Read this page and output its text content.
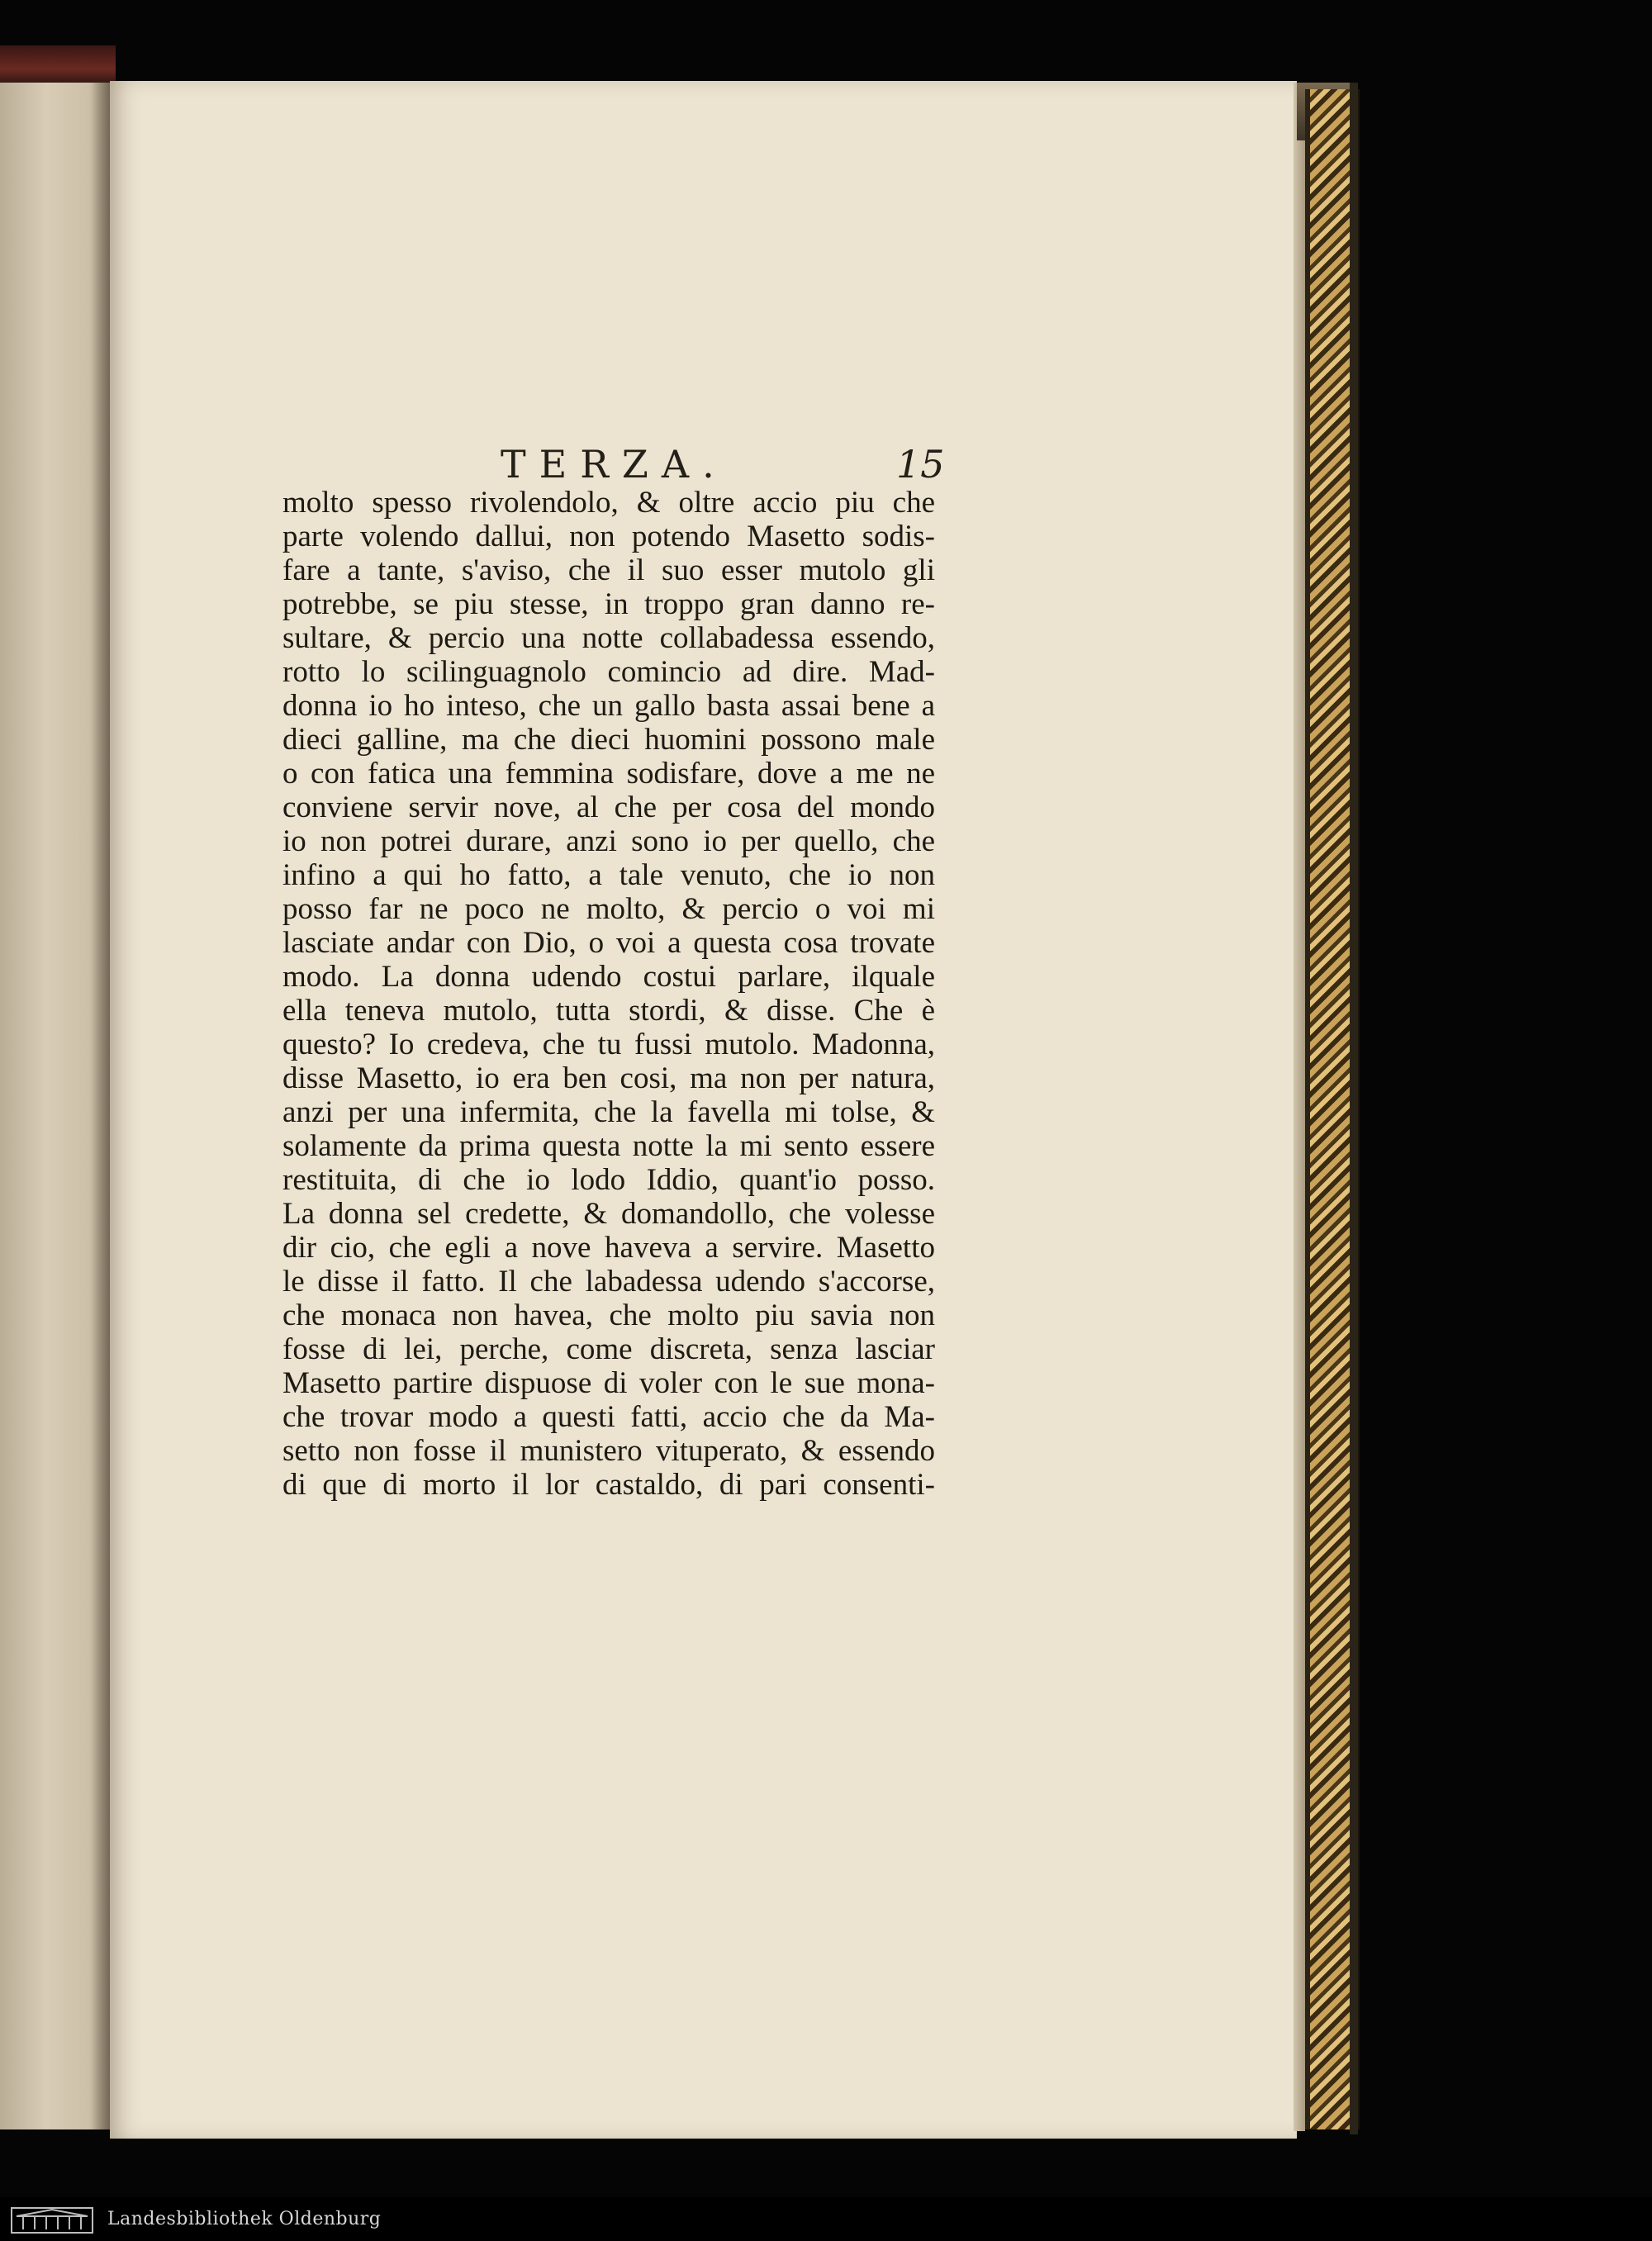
TERZA.	15
molto spesso rivolendolo, & oltre accio piu che
parte volendo dallui, non potendo Masetto sodis-
fare a tante, s'aviso, che il suo esser mutolo gli
potrebbe, se piu stesse, in troppo gran danno re-
sultare, & percio una notte collabadessa essendo,
rotto lo scilinguagnolo comincio ad dire. Mad-
donna io ho inteso, che un gallo basta assai bene a
dieci galline, ma che dieci huomini possono male
o con fatica una femmina sodisfare, dove a me ne
conviene servir nove, al che per cosa del mondo
io non potrei durare, anzi sono io per quello, che
infino a qui ho fatto, a tale venuto, che io non
posso far ne poco ne molto, & percio o voi mi
lasciate andar con Dio, o voi a questa cosa trovate
modo. La donna udendo costui parlare, ilquale
ella teneva mutolo, tutta stordi, & disse. Che è
questo? Io credeva, che tu fussi mutolo. Madonna,
disse Masetto, io era ben cosi, ma non per natura,
anzi per una infermita, che la favella mi tolse, &
solamente da prima questa notte la mi sento essere
restituita, di che io lodo Iddio, quant'io posso.
La donna sel credette, & domandollo, che volesse
dir cio, che egli a nove haveva a servire. Masetto
le disse il fatto. Il che labadessa udendo s'accorse,
che monaca non havea, che molto piu savia non
fosse di lei, perche, come discreta, senza lasciar
Masetto partire dispuose di voler con le sue mona-
che trovar modo a questi fatti, accio che da Ma-
setto non fosse il munistero vituperato, & essendo
di que di morto il lor castaldo, di pari consenti-
Landesbibliothek Oldenburg
